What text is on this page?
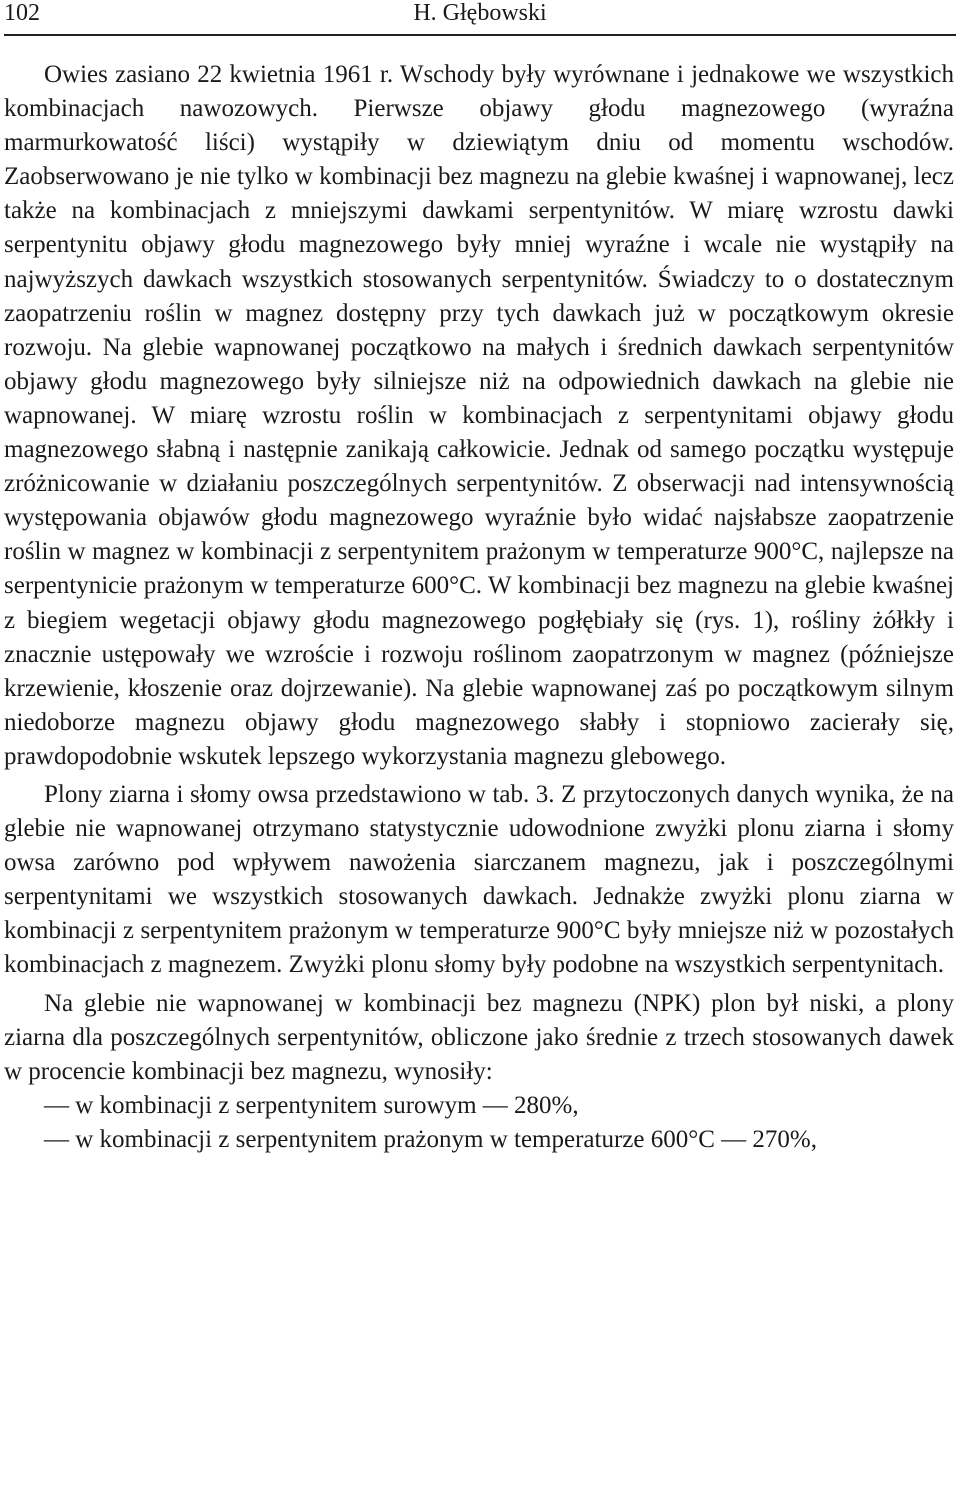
102	H. Głębowski

Owies zasiano 22 kwietnia 1961 r. Wschody były wyrównane i jednakowe we wszystkich kombinacjach nawozowych. Pierwsze objawy głodu magnezowego (wyraźna marmurkowatość liści) wystąpiły w dziewiątym dniu od momentu wschodów. Zaobserwowano je nie tylko w kombinacji bez magnezu na glebie kwaśnej i wapnowanej, lecz także na kombinacjach z mniejszymi dawkami serpentynitów. W miarę wzrostu dawki serpentynitu objawy głodu magnezowego były mniej wyraźne i wcale nie wystąpiły na najwyższych dawkach wszystkich stosowanych serpentynitów. Świadczy to o dostatecznym zaopatrzeniu roślin w magnez dostępny przy tych dawkach już w początkowym okresie rozwoju. Na glebie wapnowanej początkowo na małych i średnich dawkach serpentynitów objawy głodu magnezowego były silniejsze niż na odpowiednich dawkach na glebie nie wapnowanej. W miarę wzrostu roślin w kombinacjach z serpentynitami objawy głodu magnezowego słabną i następnie zanikają całkowicie. Jednak od samego początku występuje zróżnicowanie w działaniu poszczególnych serpentynitów. Z obserwacji nad intensywnością występowania objawów głodu magnezowego wyraźnie było widać najsłabsze zaopatrzenie roślin w magnez w kombinacji z serpentynitem prażonym w temperaturze 900°C, najlepsze na serpentynicie prażonym w temperaturze 600°C. W kombinacji bez magnezu na glebie kwaśnej z biegiem wegetacji objawy głodu magnezowego pogłębiały się (rys. 1), rośliny żółkły i znacznie ustępowały we wzroście i rozwoju roślinom zaopatrzonym w magnez (późniejsze krzewienie, kłoszenie oraz dojrzewanie). Na glebie wapnowanej zaś po początkowym silnym niedoborze magnezu objawy głodu magnezowego słabły i stopniowo zacierały się, prawdopodobnie wskutek lepszego wykorzystania magnezu glebowego.

Plony ziarna i słomy owsa przedstawiono w tab. 3. Z przytoczonych danych wynika, że na glebie nie wapnowanej otrzymano statystycznie udowodnione zwyżki plonu ziarna i słomy owsa zarówno pod wpływem nawożenia siarczanem magnezu, jak i poszczególnymi serpentynitami we wszystkich stosowanych dawkach. Jednakże zwyżki plonu ziarna w kombinacji z serpentynitem prażonym w temperaturze 900°C były mniejsze niż w pozostałych kombinacjach z magnezem. Zwyżki plonu słomy były podobne na wszystkich serpentynitach.

Na glebie nie wapnowanej w kombinacji bez magnezu (NPK) plon był niski, a plony ziarna dla poszczególnych serpentynitów, obliczone jako średnie z trzech stosowanych dawek w procencie kombinacji bez magnezu, wynosiły:

— w kombinacji z serpentynitem surowym — 280%,

— w kombinacji z serpentynitem prażonym w temperaturze 600°C — 270%,
